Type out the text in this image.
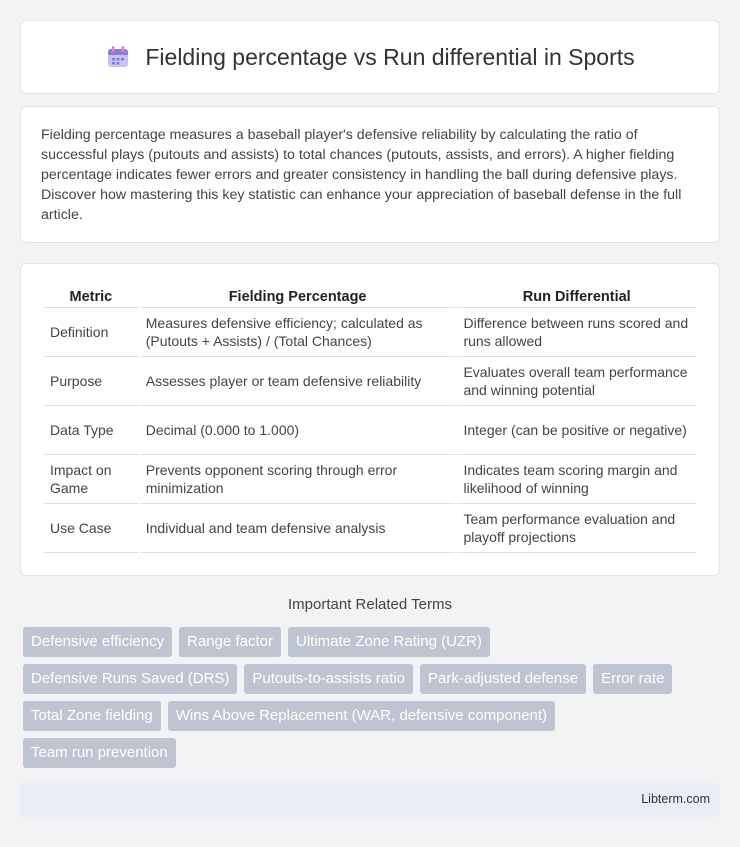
Fielding percentage vs Run differential in Sports

Fielding percentage measures a baseball player's defensive reliability by calculating the ratio of successful plays (putouts and assists) to total chances (putouts, assists, and errors). A higher fielding percentage indicates fewer errors and greater consistency in handling the ball during defensive plays. Discover how mastering this key statistic can enhance your appreciation of baseball defense in the full article.

Metric	Fielding Percentage	Run Differential
Definition	Measures defensive efficiency; calculated as (Putouts + Assists) / (Total Chances)	Difference between runs scored and runs allowed
Purpose	Assesses player or team defensive reliability	Evaluates overall team performance and winning potential
Data Type	Decimal (0.000 to 1.000)	Integer (can be positive or negative)
Impact on Game	Prevents opponent scoring through error minimization	Indicates team scoring margin and likelihood of winning
Use Case	Individual and team defensive analysis	Team performance evaluation and playoff projections
Important Related Terms
Defensive efficiency	Range factor	Ultimate Zone Rating (UZR)
Defensive Runs Saved (DRS)	Putouts-to-assists ratio	Park-adjusted defense	Error rate
Total Zone fielding	Wins Above Replacement (WAR, defensive component)
Team run prevention
Libterm.com
